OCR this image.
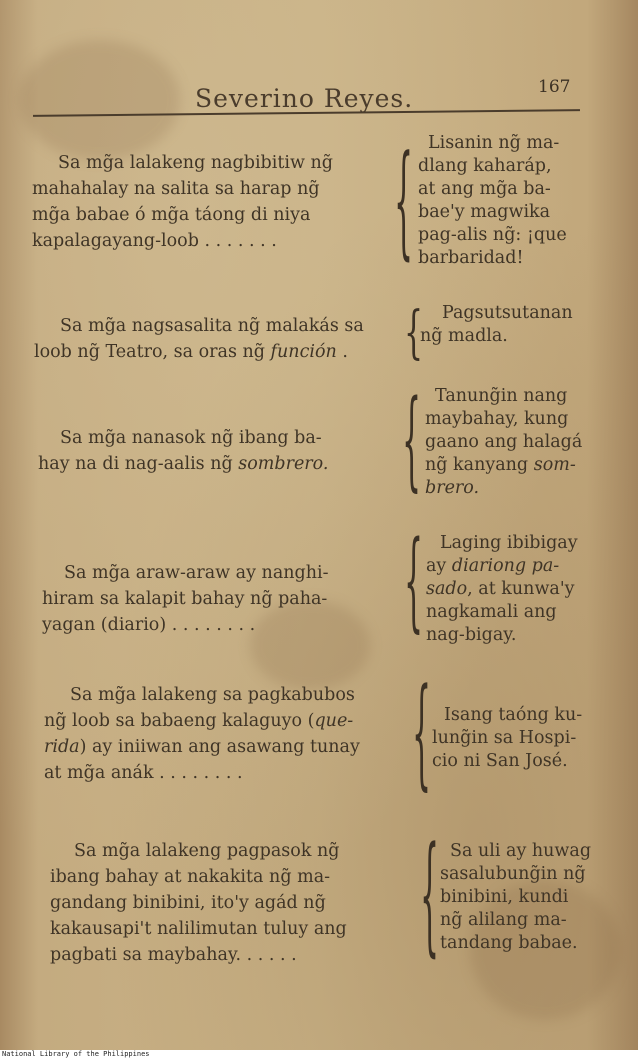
Severino Reyes.	167
Sa mg̃a lalakeng nagbibitiw ng̃
mahahalay na salita sa harap ng̃
mg̃a babae ó mg̃a táong di niya
kapalagayang-loob . . . . . . .	{ Lisanin ng̃ ma-
dlang kaharáp,
at ang mg̃a ba-
bae'y magwika
pag-alis ng̃: ¡que
barbaridad!
Sa mg̃a nagsasalita ng̃ malakás sa
loob ng̃ Teatro, sa oras ng̃ función .	{	Pagsutsutanan
ng̃ madla.
Sa mg̃a nanasok ng̃ ibang ba-
hay na di nag-aalis ng̃ sombrero.	{ Tanung̃in nang
maybahay, kung
gaano ang halagá
ng̃ kanyang som-
brero.
Sa mg̃a araw-araw ay nanghi-
hiram sa kalapit bahay ng̃ paha-
yagan (diario) . . . . . . . .	{ Laging ibibigay
ay diariong pa-
sado, at kunwa'y
nagkamali ang
nag-bigay.
Sa mg̃a lalakeng sa pagkabubos
ng̃ loob sa babaeng kalaguyo (que-
rida) ay iniiwan ang asawang tunay
at mg̃a anák . . . . . . . .	{ Isang taóng ku-
lung̃in sa Hospi-
cio ni San José.
Sa mg̃a lalakeng pagpasok ng̃
ibang bahay at nakakita ng̃ ma-
gandang binibini, ito'y agád ng̃
kakausapi't nalilimutan tuluy ang
pagbati sa maybahay. . . . . .	{ Sa uli ay huwag
sasalubung̃in ng̃
binibini, kundi
ng̃ alilang ma-
tandang babae.
National Library of the Philippines
